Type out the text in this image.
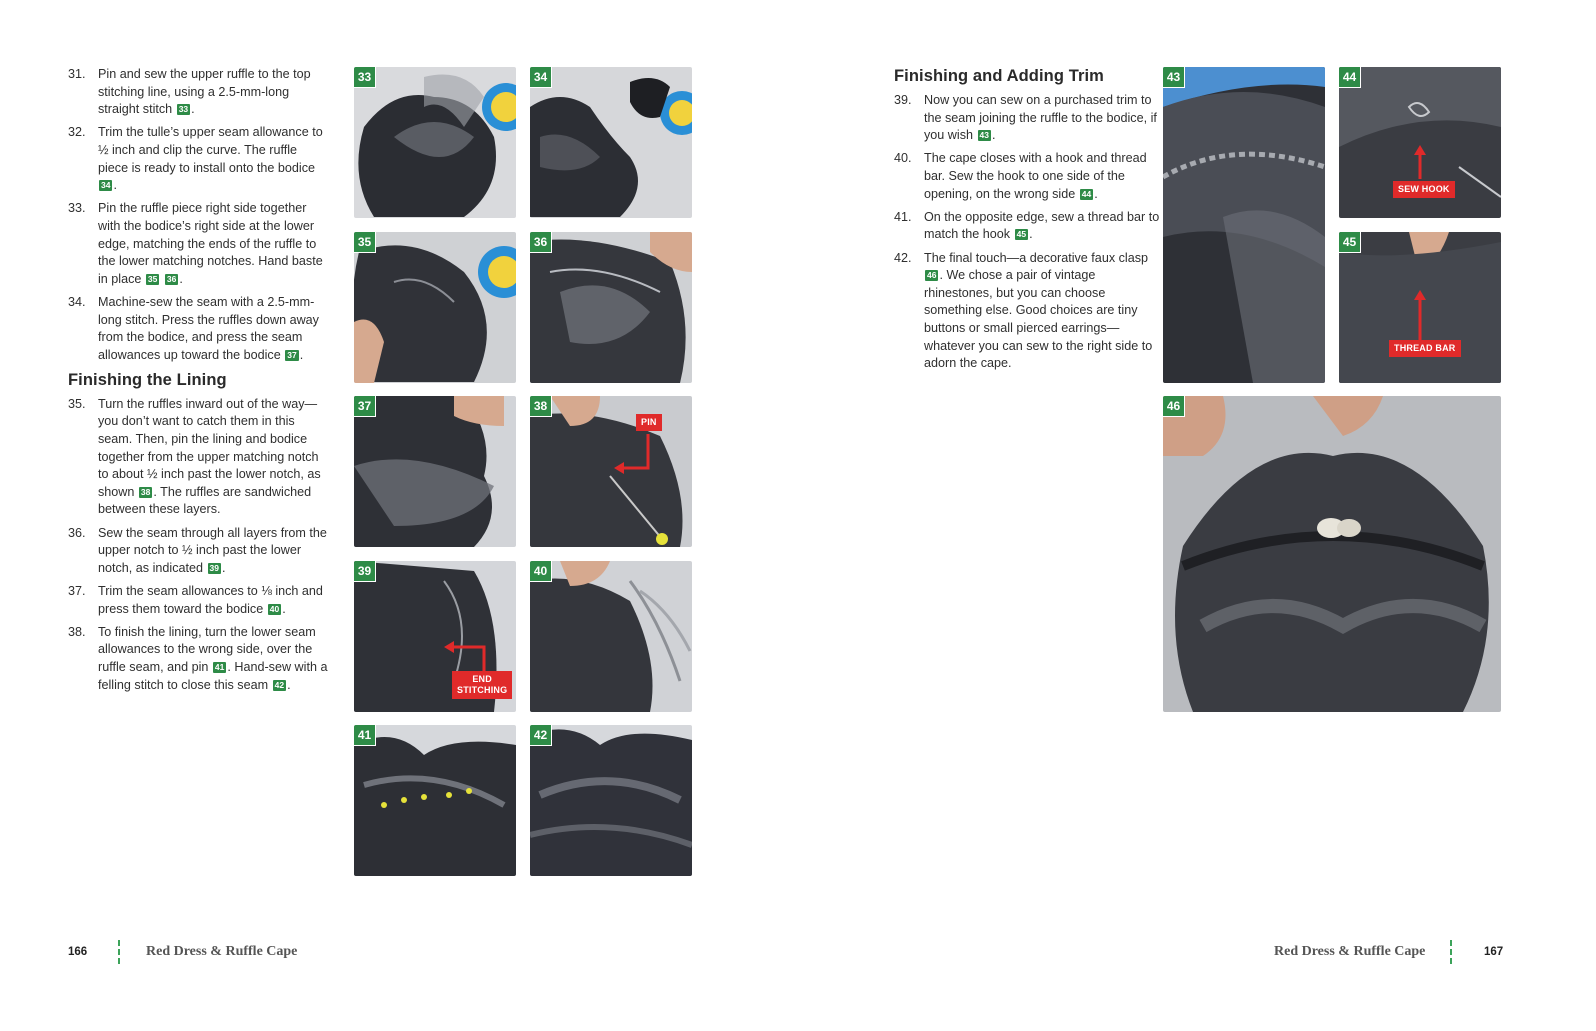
31. Pin and sew the upper ruffle to the top stitching line, using a 2.5-mm-long straight stitch 33 .
32. Trim the tulle’s upper seam allowance to ½ inch and clip the curve. The ruffle piece is ready to install onto the bodice 34 .
33. Pin the ruffle piece right side together with the bodice’s right side at the lower edge, matching the ends of the ruffle to the lower matching notches. Hand baste in place 35 36 .
34. Machine-sew the seam with a 2.5-mm-long stitch. Press the ruffles down away from the bodice, and press the seam allowances up toward the bodice 37 .
Finishing the Lining
35. Turn the ruffles inward out of the way—you don’t want to catch them in this seam. Then, pin the lining and bodice together from the upper matching notch to about ½ inch past the lower notch, as shown 38 . The ruffles are sandwiched between these layers.
36. Sew the seam through all layers from the upper notch to ½ inch past the lower notch, as indicated 39 .
37. Trim the seam allowances to ⅛ inch and press them toward the bodice 40 .
38. To finish the lining, turn the lower seam allowances to the wrong side, over the ruffle seam, and pin 41 . Hand-sew with a felling stitch to close this seam 42 .
33	34
35	36
37
PIN
38
END
STITCHING
39	40
41	42
Finishing and Adding Trim
39. Now you can sew on a purchased trim to the seam joining the ruffle to the bodice, if you wish 43 .
40. The cape closes with a hook and thread bar. Sew the hook to one side of the opening, on the wrong side 44 .
41. On the opposite edge, sew a thread bar to match the hook 45 .
42. The final touch—a decorative faux clasp 46 . We chose a pair of vintage rhinestones, but you can choose something else. Good choices are tiny buttons or small pierced earrings—whatever you can sew to the right side to adorn the cape.
43
SEW HOOK
44
THREAD BAR
45
46
166	Red Dress & Ruffle Cape	Red Dress & Ruffle Cape	167
